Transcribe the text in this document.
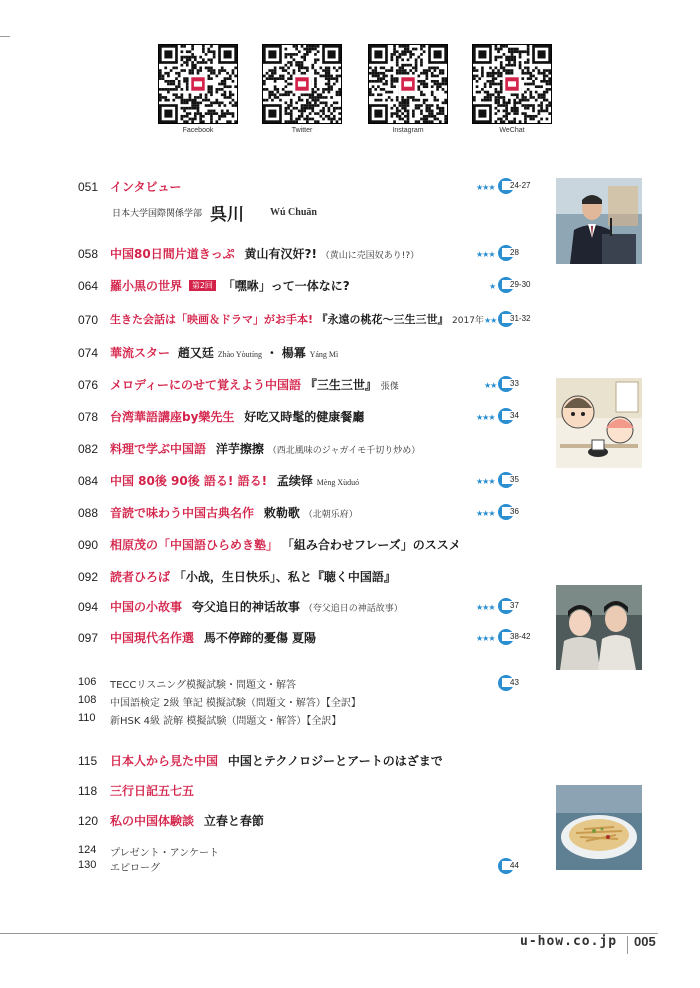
Facebook	Twitter	Instagram	WeChat
051 インタビュー	★★★	24-27
日本大学国際関係学部 呉川	Wú Chuān
058 中国80日間片道きっぷ 黄山有汉奸?! （黄山に売国奴あり!?）	★★★	28
064 羅小黒の世界 第2回 「嘿咻」って一体なに?	★	29-30
070	生きた会話は「映画＆ドラマ」がお手本! 『永遠の桃花～三生三世』 2017年 ★★	31-32
074 華流スター 趙又廷 Zhào Yòutíng ・ 楊冪 Yáng Mì
076 メロディーにのせて覚えよう中国語 『三生三世』 張傑	★★	33
078 台湾華語講座by樂先生 好吃又時髦的健康餐廳	★★★	34
082 料理で学ぶ中国語 洋芋擦擦 （西北風味のジャガイモ千切り炒め）
084 中国 80後 90後 語る! 語る! 孟续铎 Mèng Xùduó	★★★	35
088 音読で味わう中国古典名作 敕勒歌 （北朝乐府）	★★★	36
090 相原茂の「中国語ひらめき塾」 「組み合わせフレーズ」のススメ
092 読者ひろば 「小战，生日快乐」、私と『聴く中国語』
094 中国の小故事 夸父追日的神话故事 （夸父追日の神話故事）	★★★	37
097 中国現代名作選 馬不停蹄的憂傷 夏陽	★★★	38-42
106	TECCリスニング模擬試験・問題文・解答	43
108	中国語検定 2級 筆記 模擬試験（問題文・解答）【全訳】
110	新HSK 4級 読解 模擬試験（問題文・解答）【全訳】
115	日本人から見た中国 中国とテクノロジーとアートのはざまで
118	三行日記五七五
120 私の中国体験談 立春と春節
124	プレゼント・アンケート
130	エピローグ	44
u-how.co.jp 005
